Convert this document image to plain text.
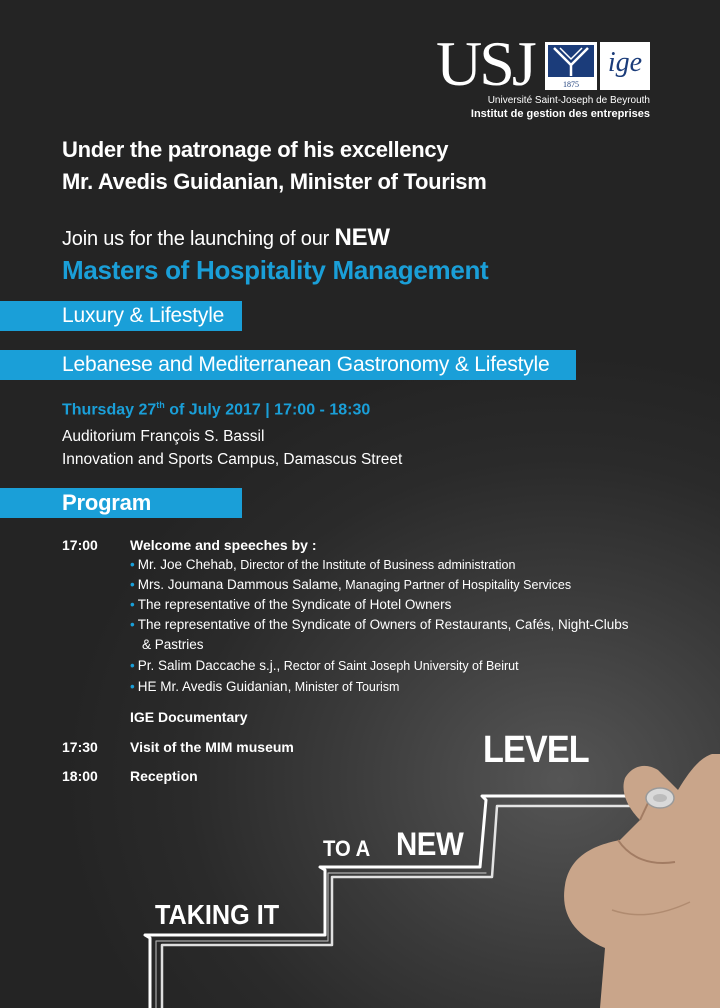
USJ	1875
ige
Université Saint-Joseph de Beyrouth
Institut de gestion des entreprises
Under the patronage of his excellency
Mr. Avedis Guidanian, Minister of Tourism
Join us for the launching of our NEW
Masters of Hospitality Management
Luxury & Lifestyle
Lebanese and Mediterranean Gastronomy & Lifestyle
Thursday 27th of July 2017 | 17:00 - 18:30
Auditorium François S. Bassil
Innovation and Sports Campus, Damascus Street
Program
17:00 Welcome and speeches by :
• Mr. Joe Chehab, Director of the Institute of Business administration
• Mrs. Joumana Dammous Salame, Managing Partner of Hospitality Services
• The representative of the Syndicate of Hotel Owners
• The representative of the Syndicate of Owners of Restaurants, Cafés, Night-Clubs
& Pastries
• Pr. Salim Daccache s.j., Rector of Saint Joseph University of Beirut
• HE Mr. Avedis Guidanian, Minister of Tourism
IGE Documentary
17:30 Visit of the MIM museum
18:00 Reception
LEVEL
TO A NEW
TAKING IT
